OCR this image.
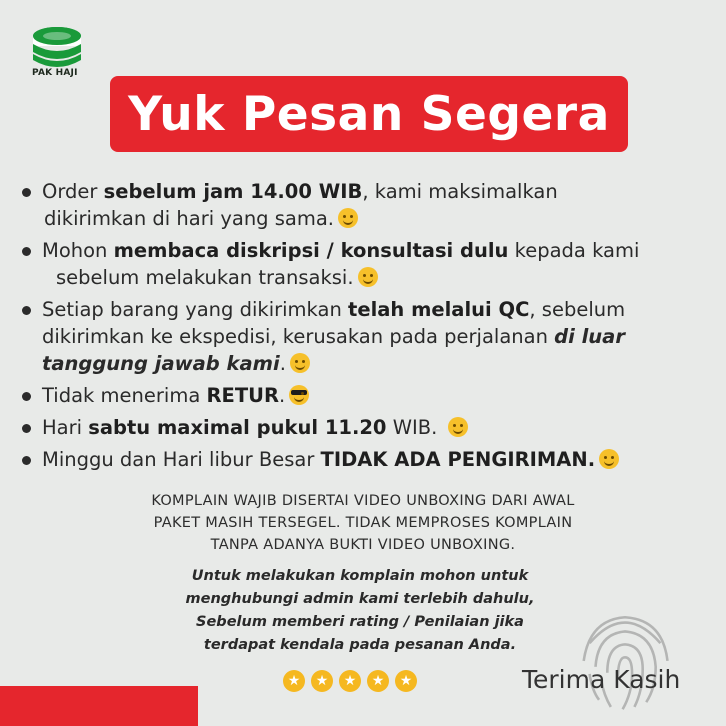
PAK HAJI
Yuk Pesan Segera
Order sebelum jam 14.00 WIB, kami maksimalkan
dikirimkan di hari yang sama.
Mohon membaca diskripsi / konsultasi dulu kepada kami
sebelum melakukan transaksi.
Setiap barang yang dikirimkan telah melalui QC, sebelum
dikirimkan ke ekspedisi, kerusakan pada perjalanan di luar
tanggung jawab kami.
Tidak menerima RETUR.
Hari sabtu maximal pukul 11.20 WIB.
Minggu dan Hari libur Besar TIDAK ADA PENGIRIMAN.
KOMPLAIN WAJIB DISERTAI VIDEO UNBOXING DARI AWAL
PAKET MASIH TERSEGEL. TIDAK MEMPROSES KOMPLAIN
TANPA ADANYA BUKTI VIDEO UNBOXING.
Untuk melakukan komplain mohon untuk
menghubungi admin kami terlebih dahulu,
Sebelum memberi rating / Penilaian jika
terdapat kendala pada pesanan Anda.
★	★	★	★	★	Terima Kasih
